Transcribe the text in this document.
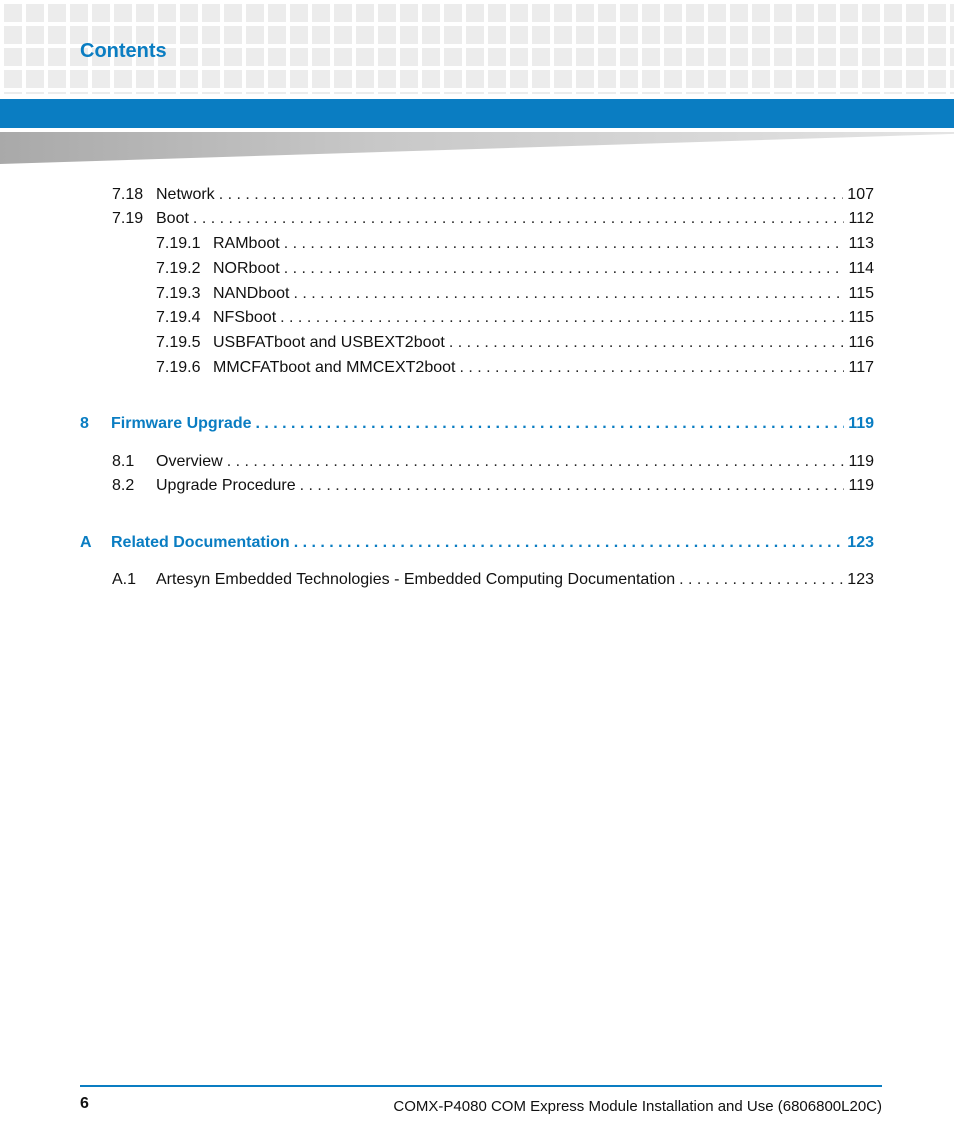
Contents
7.18 Network . . .	107
7.19 Boot . . .	112
7.19.1 RAMboot . . .	113
7.19.2 NORboot . . .	114
7.19.3 NANDboot . . .	115
7.19.4 NFSboot . . .	115
7.19.5 USBFATboot and USBEXT2boot . . .	116
7.19.6 MMCFATboot and MMCEXT2boot . . .	117
8	Firmware Upgrade . . .	119
8.1	Overview . . .	119
8.2	Upgrade Procedure . . .	119
A	Related Documentation . . .	123
A.1	Artesyn Embedded Technologies - Embedded Computing Documentation . . .	123
6	COMX-P4080 COM Express Module Installation and Use (6806800L20C)
